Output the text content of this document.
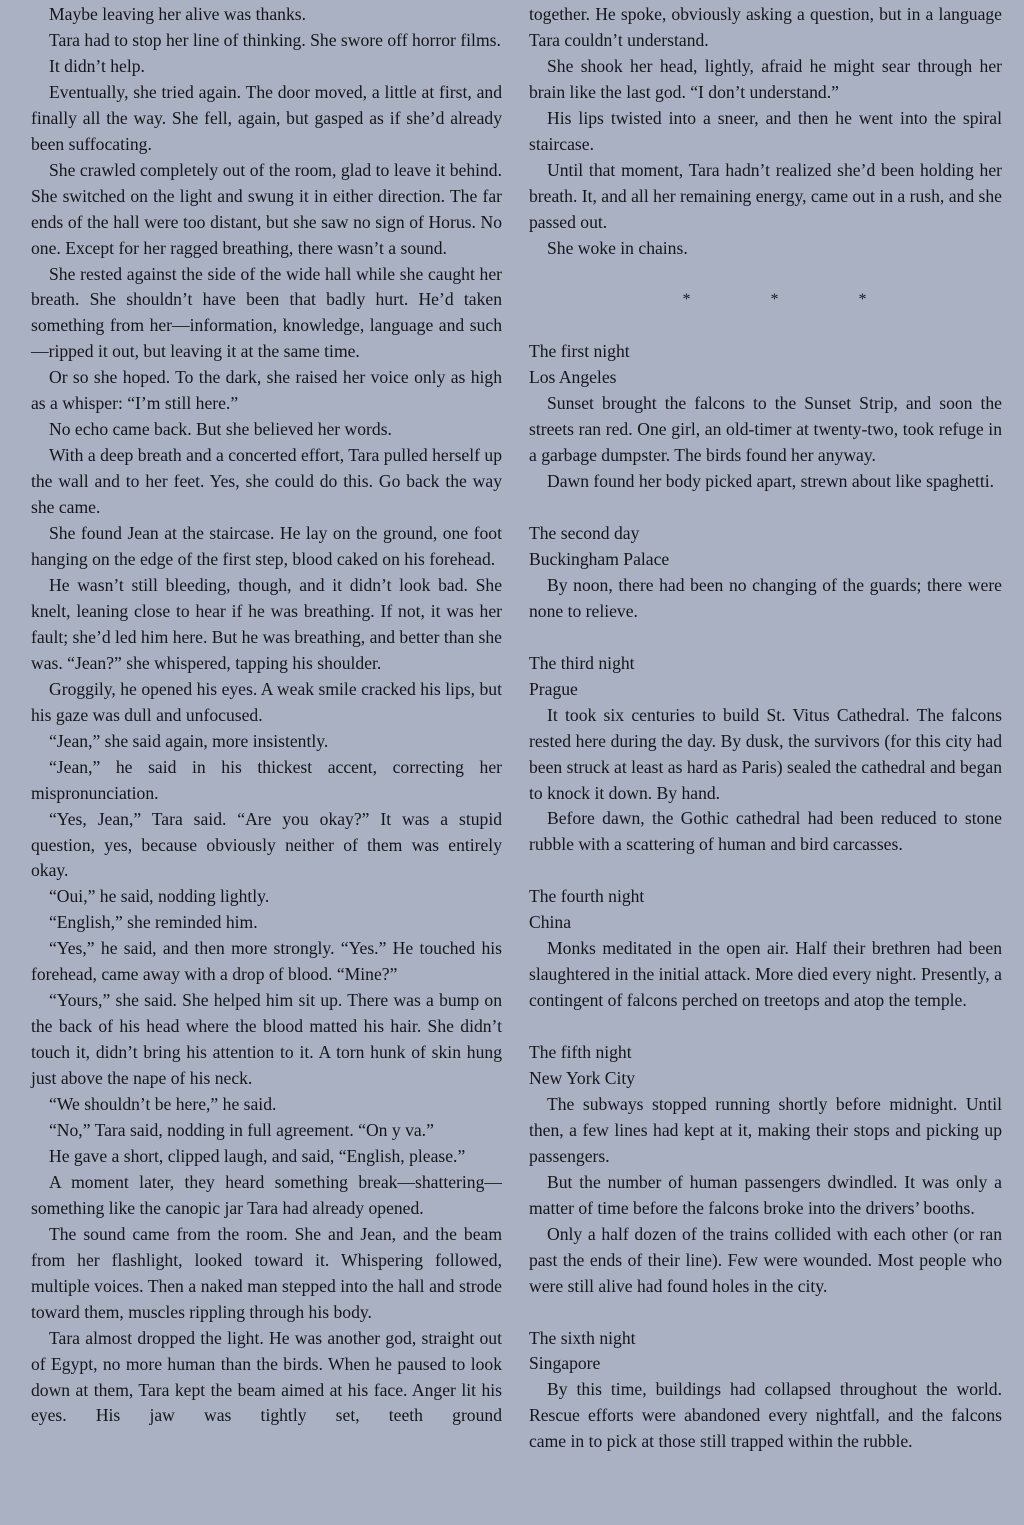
Maybe leaving her alive was thanks.

Tara had to stop her line of thinking. She swore off horror films.

It didn’t help.

Eventually, she tried again. The door moved, a little at first, and finally all the way. She fell, again, but gasped as if she’d already been suffocating.

She crawled completely out of the room, glad to leave it behind. She switched on the light and swung it in either direction. The far ends of the hall were too distant, but she saw no sign of Horus. No one. Except for her ragged breathing, there wasn’t a sound.

She rested against the side of the wide hall while she caught her breath. She shouldn’t have been that badly hurt. He’d taken something from her—information, knowledge, language and such—ripped it out, but leaving it at the same time.

Or so she hoped. To the dark, she raised her voice only as high as a whisper: “I’m still here.”

No echo came back. But she believed her words.

With a deep breath and a concerted effort, Tara pulled herself up the wall and to her feet. Yes, she could do this. Go back the way she came.

She found Jean at the staircase. He lay on the ground, one foot hanging on the edge of the first step, blood caked on his forehead.

He wasn’t still bleeding, though, and it didn’t look bad. She knelt, leaning close to hear if he was breathing. If not, it was her fault; she’d led him here. But he was breathing, and better than she was. “Jean?” she whispered, tapping his shoulder.

Groggily, he opened his eyes. A weak smile cracked his lips, but his gaze was dull and unfocused.

“Jean,” she said again, more insistently.

“Jean,” he said in his thickest accent, correcting her mispronunciation.

“Yes, Jean,” Tara said. “Are you okay?” It was a stupid question, yes, because obviously neither of them was entirely okay.

“Oui,” he said, nodding lightly.

“English,” she reminded him.

“Yes,” he said, and then more strongly. “Yes.” He touched his forehead, came away with a drop of blood. “Mine?”

“Yours,” she said. She helped him sit up. There was a bump on the back of his head where the blood matted his hair. She didn’t touch it, didn’t bring his attention to it. A torn hunk of skin hung just above the nape of his neck.

“We shouldn’t be here,” he said.

“No,” Tara said, nodding in full agreement. “On y va.”

He gave a short, clipped laugh, and said, “English, please.”

A moment later, they heard something break—shattering—something like the canopic jar Tara had already opened.

The sound came from the room. She and Jean, and the beam from her flashlight, looked toward it. Whispering followed, multiple voices. Then a naked man stepped into the hall and strode toward them, muscles rippling through his body.

Tara almost dropped the light. He was another god, straight out of Egypt, no more human than the birds. When he paused to look down at them, Tara kept the beam aimed at his face. Anger lit his eyes. His jaw was tightly set, teeth ground

together. He spoke, obviously asking a question, but in a language Tara couldn’t understand.

She shook her head, lightly, afraid he might sear through her brain like the last god. “I don’t understand.”

His lips twisted into a sneer, and then he went into the spiral staircase.

Until that moment, Tara hadn’t realized she’d been holding her breath. It, and all her remaining energy, came out in a rush, and she passed out.

She woke in chains.

* * *

The first night

Los Angeles

Sunset brought the falcons to the Sunset Strip, and soon the streets ran red. One girl, an old-timer at twenty-two, took refuge in a garbage dumpster. The birds found her anyway.

Dawn found her body picked apart, strewn about like spaghetti.

The second day

Buckingham Palace

By noon, there had been no changing of the guards; there were none to relieve.

The third night

Prague

It took six centuries to build St. Vitus Cathedral. The falcons rested here during the day. By dusk, the survivors (for this city had been struck at least as hard as Paris) sealed the cathedral and began to knock it down. By hand.

Before dawn, the Gothic cathedral had been reduced to stone rubble with a scattering of human and bird carcasses.

The fourth night

China

Monks meditated in the open air. Half their brethren had been slaughtered in the initial attack. More died every night. Presently, a contingent of falcons perched on treetops and atop the temple.

The fifth night

New York City

The subways stopped running shortly before midnight. Until then, a few lines had kept at it, making their stops and picking up passengers.

But the number of human passengers dwindled. It was only a matter of time before the falcons broke into the drivers’ booths.

Only a half dozen of the trains collided with each other (or ran past the ends of their line). Few were wounded. Most people who were still alive had found holes in the city.

The sixth night

Singapore

By this time, buildings had collapsed throughout the world. Rescue efforts were abandoned every nightfall, and the falcons came in to pick at those still trapped within the rubble.
